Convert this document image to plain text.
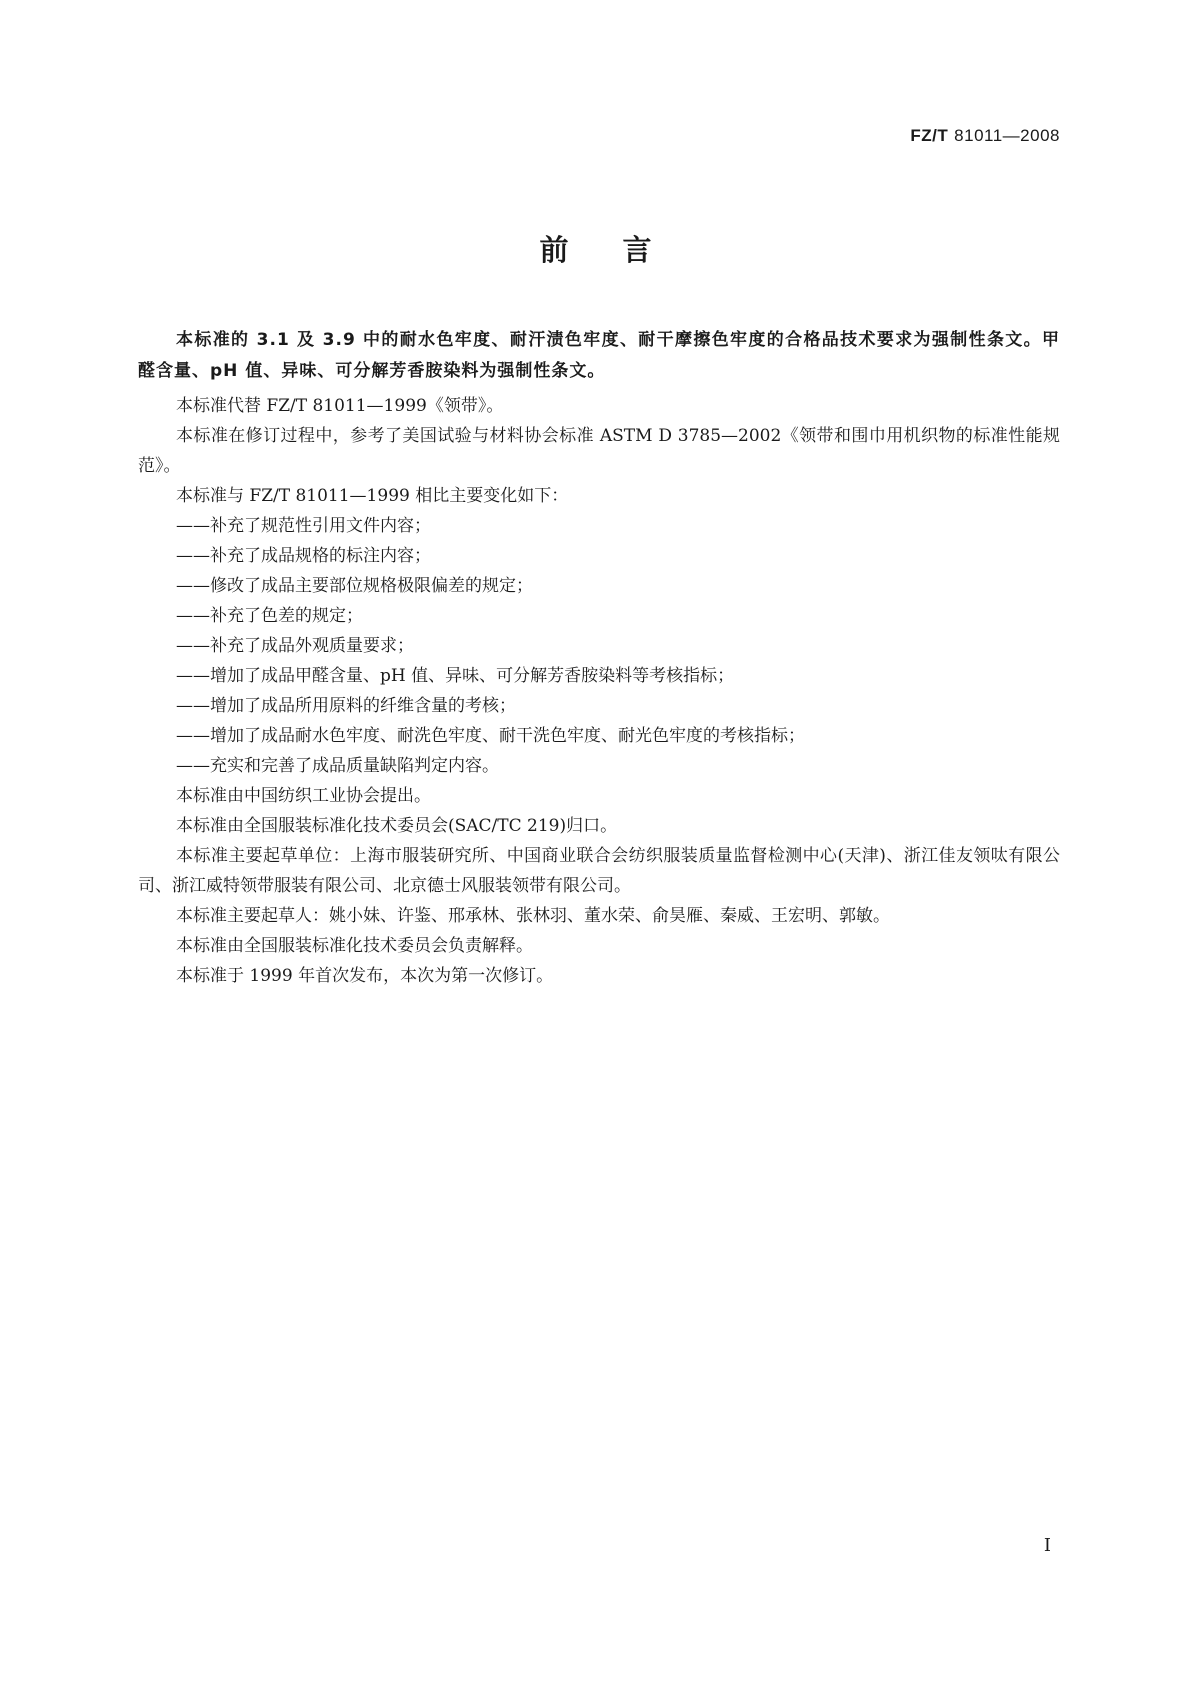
FZ/T 81011—2008
前言

本标准的 3.1 及 3.9 中的耐水色牢度、耐汗渍色牢度、耐干摩擦色牢度的合格品技术要求为强制性条文。甲醛含量、pH 值、异味、可分解芳香胺染料为强制性条文。

本标准代替 FZ/T 81011—1999《领带》。

本标准在修订过程中，参考了美国试验与材料协会标准 ASTM D 3785—2002《领带和围巾用机织物的标准性能规范》。

本标准与 FZ/T 81011—1999 相比主要变化如下：

——补充了规范性引用文件内容；

——补充了成品规格的标注内容；

——修改了成品主要部位规格极限偏差的规定；

——补充了色差的规定；

——补充了成品外观质量要求；

——增加了成品甲醛含量、pH 值、异味、可分解芳香胺染料等考核指标；

——增加了成品所用原料的纤维含量的考核；

——增加了成品耐水色牢度、耐洗色牢度、耐干洗色牢度、耐光色牢度的考核指标；

——充实和完善了成品质量缺陷判定内容。

本标准由中国纺织工业协会提出。

本标准由全国服装标准化技术委员会(SAC/TC 219)归口。

本标准主要起草单位：上海市服装研究所、中国商业联合会纺织服装质量监督检测中心(天津)、浙江佳友领呔有限公司、浙江威特领带服装有限公司、北京德士风服装领带有限公司。

本标准主要起草人：姚小妹、许鉴、邢承林、张林羽、董水荣、俞昊雁、秦威、王宏明、郭敏。

本标准由全国服装标准化技术委员会负责解释。

本标准于 1999 年首次发布，本次为第一次修订。

I
